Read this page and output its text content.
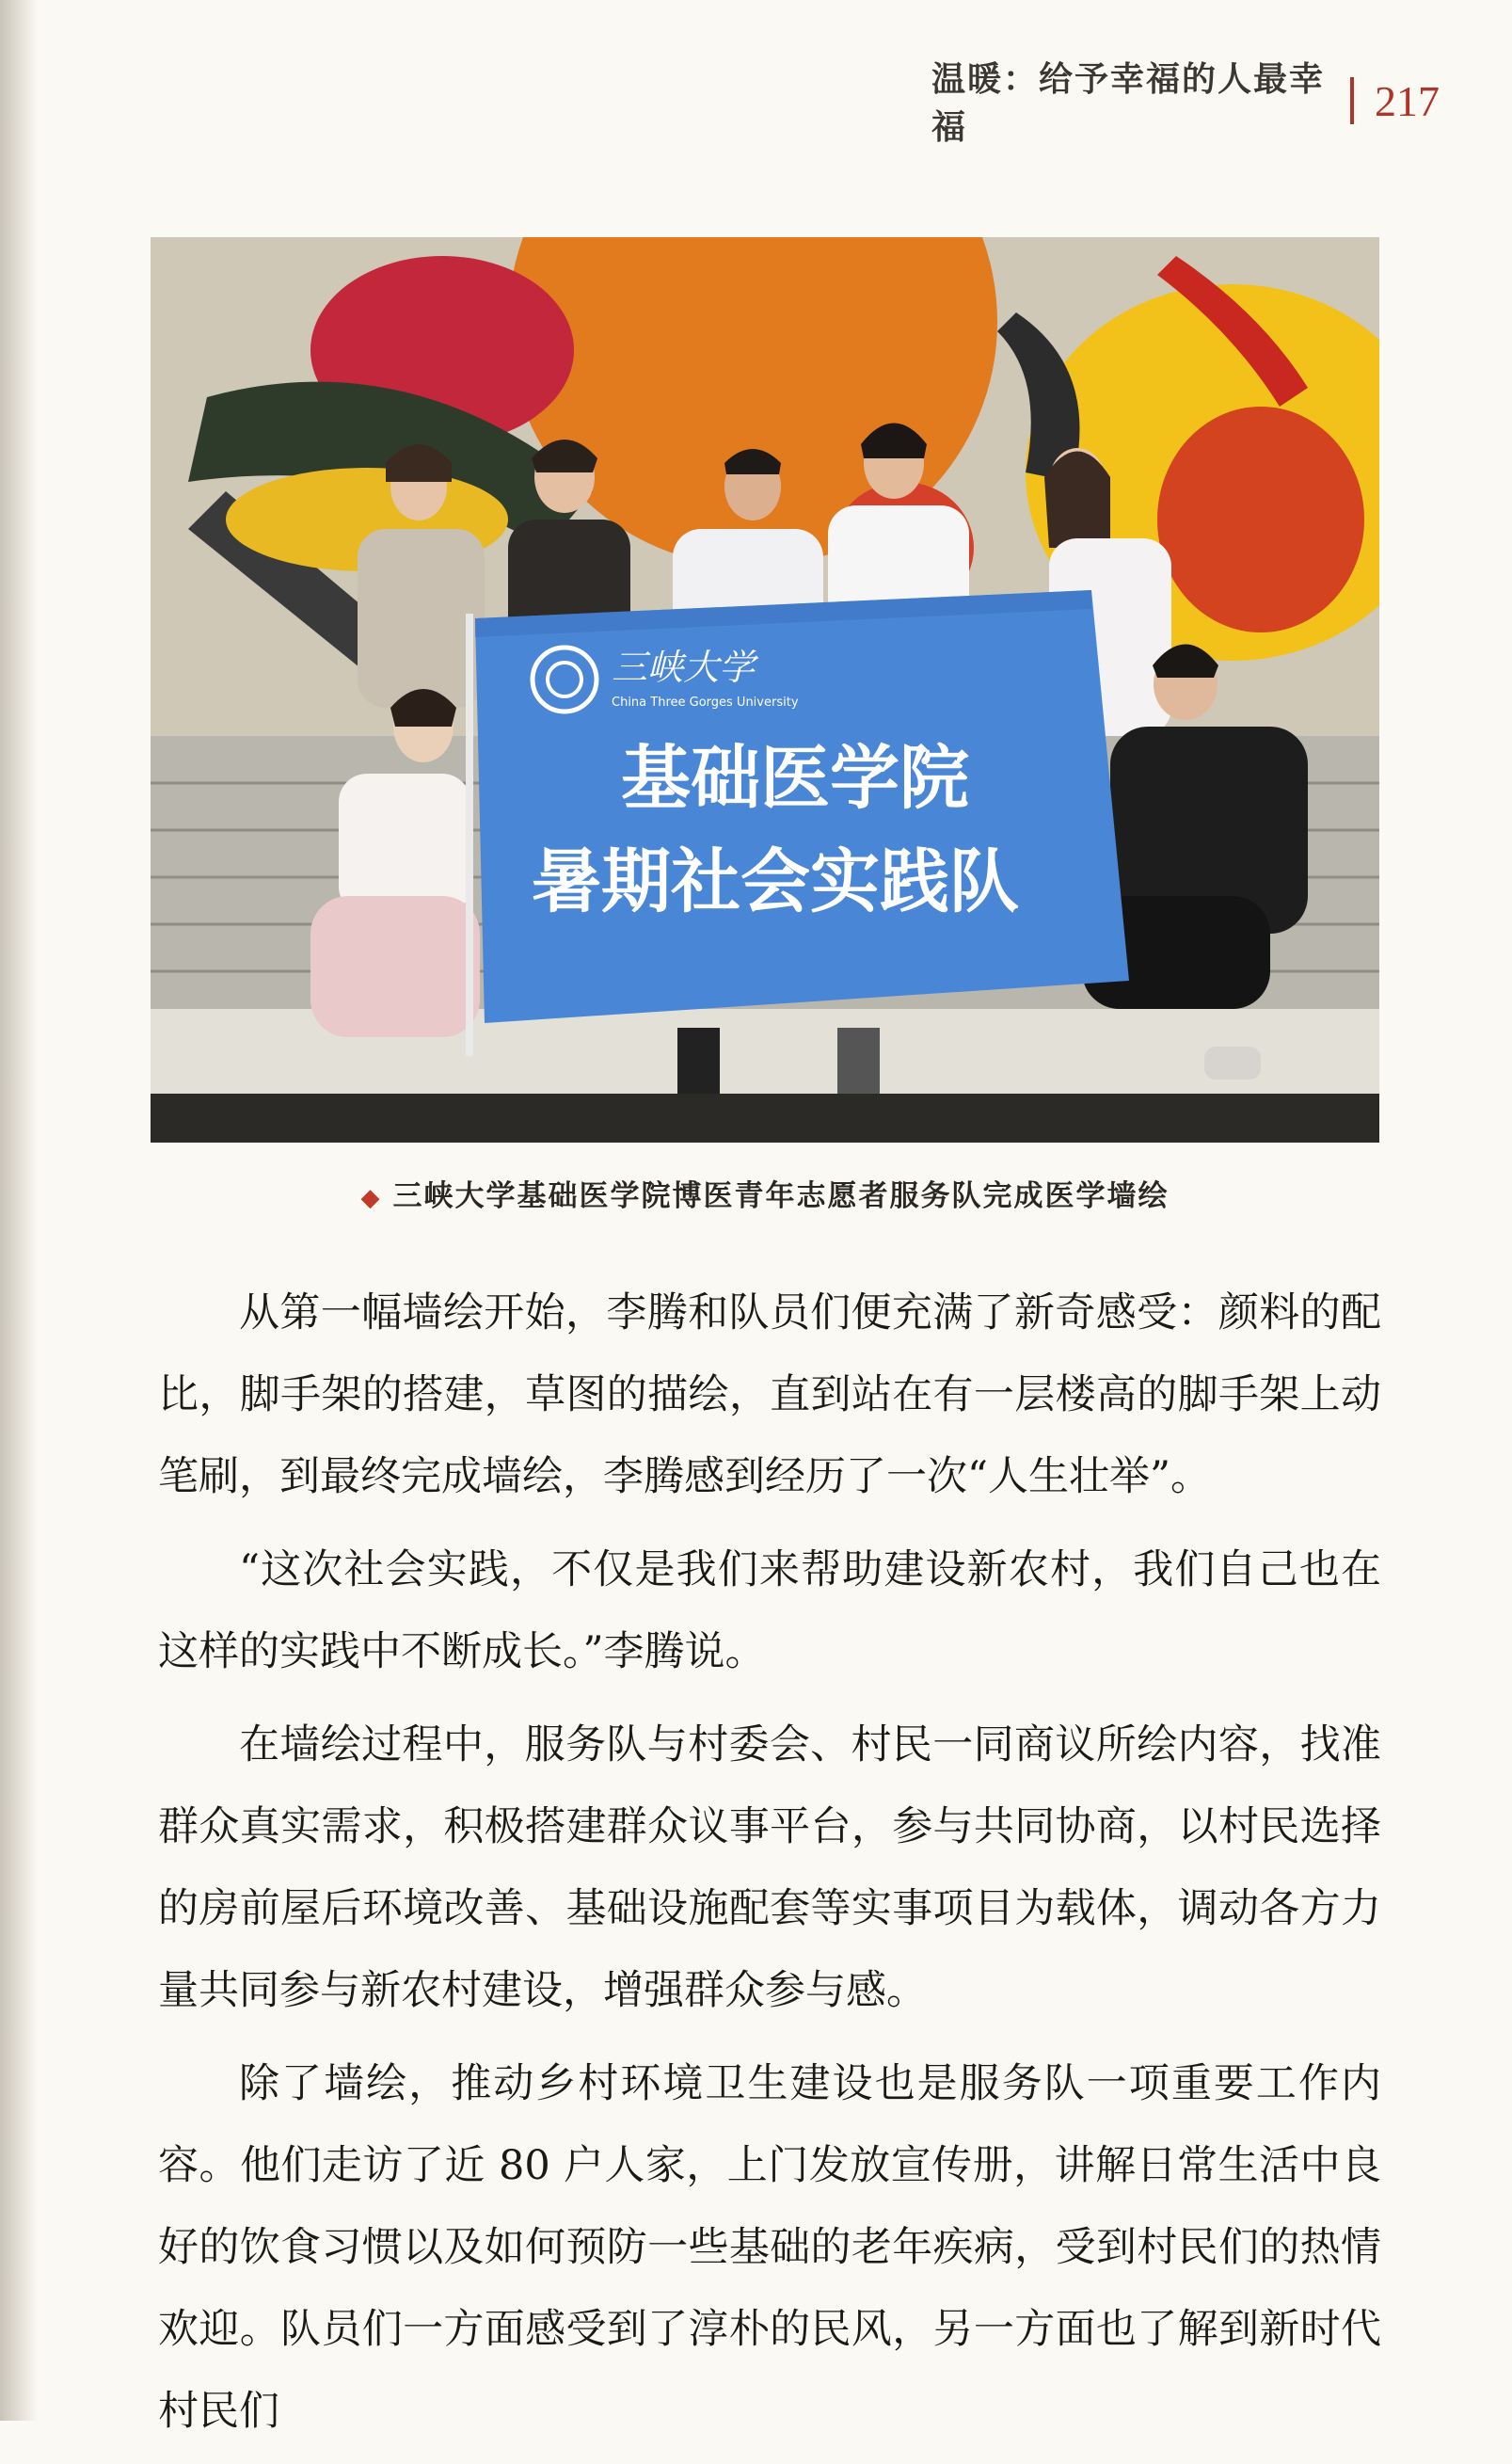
温暖：给予幸福的人最幸福
217
三峡大学
China Three Gorges University
基础医学院
暑期社会实践队
◆ 三峡大学基础医学院博医青年志愿者服务队完成医学墙绘

从第一幅墙绘开始，李腾和队员们便充满了新奇感受：颜料的配比，脚手架的搭建，草图的描绘，直到站在有一层楼高的脚手架上动笔刷，到最终完成墙绘，李腾感到经历了一次“人生壮举”。

“这次社会实践，不仅是我们来帮助建设新农村，我们自己也在这样的实践中不断成长。”李腾说。

在墙绘过程中，服务队与村委会、村民一同商议所绘内容，找准群众真实需求，积极搭建群众议事平台，参与共同协商，以村民选择的房前屋后环境改善、基础设施配套等实事项目为载体，调动各方力量共同参与新农村建设，增强群众参与感。

除了墙绘，推动乡村环境卫生建设也是服务队一项重要工作内容。他们走访了近 80 户人家，上门发放宣传册，讲解日常生活中良好的饮食习惯以及如何预防一些基础的老年疾病，受到村民们的热情欢迎。队员们一方面感受到了淳朴的民风，另一方面也了解到新时代村民们
